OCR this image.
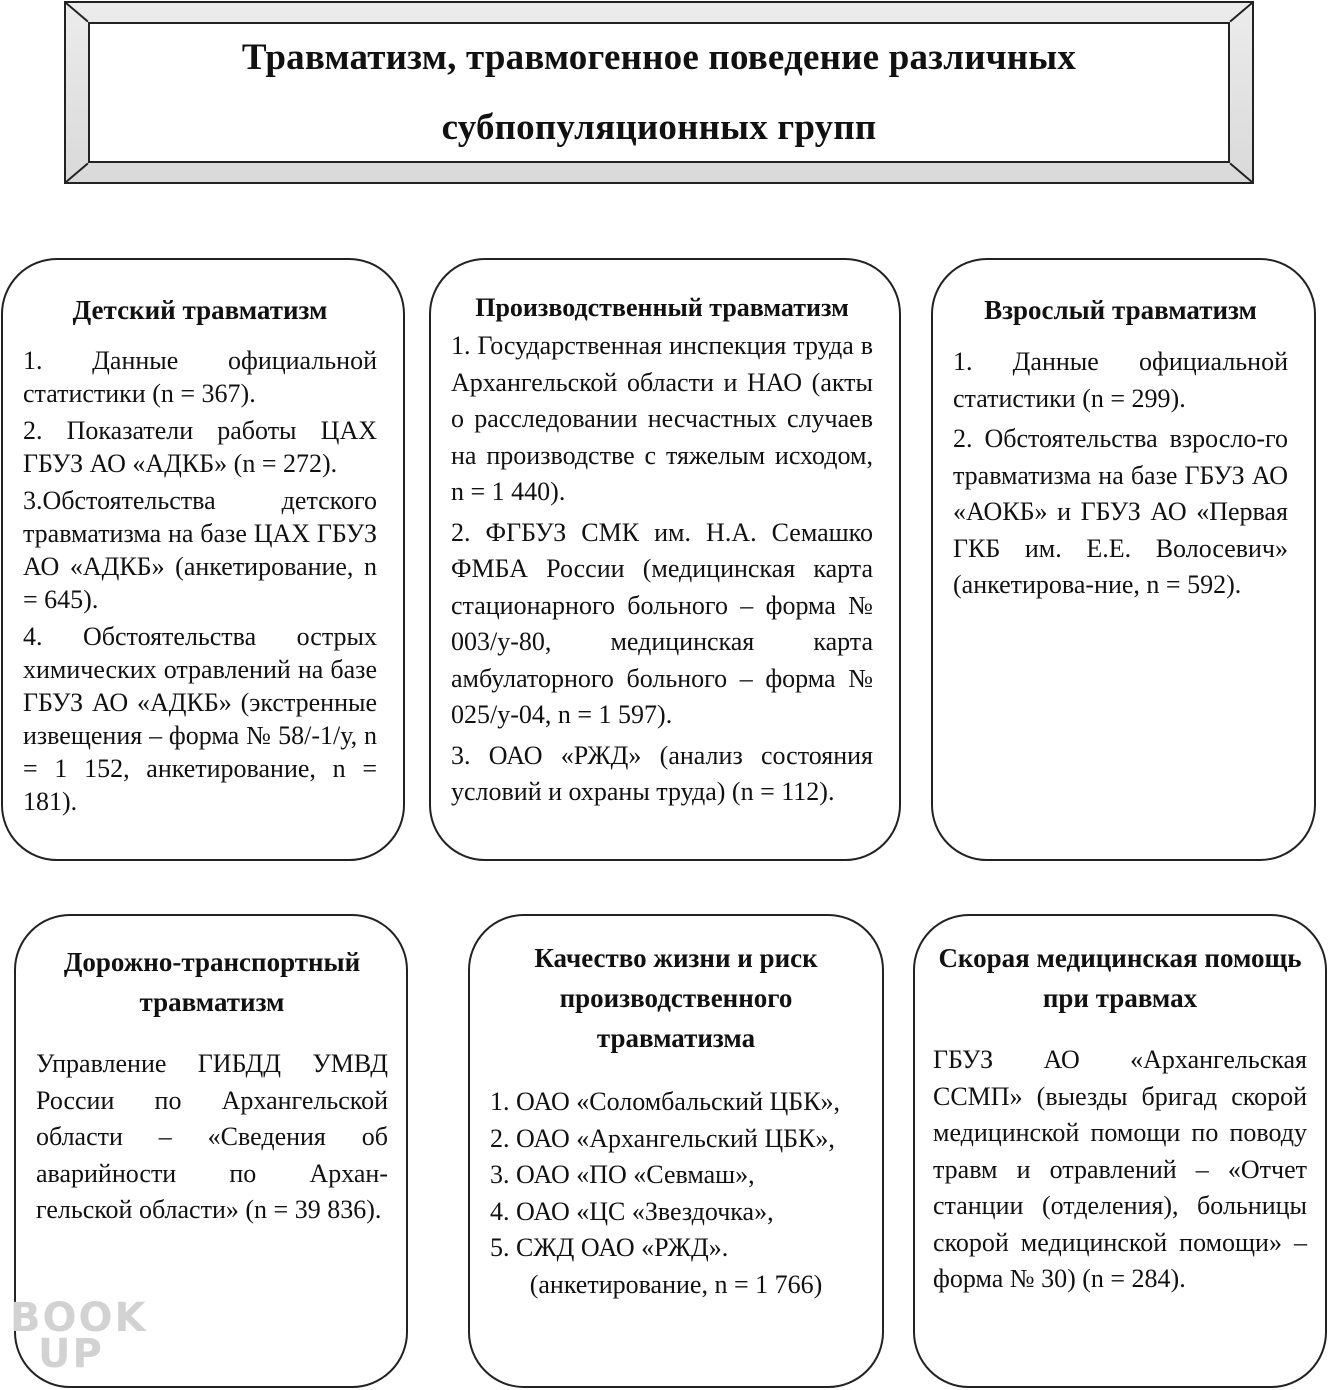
Травматизм, травмогенное поведение различных
субпопуляционных групп
Детский травматизм
1. Данные официальной статистики (n = 367).
2. Показатели работы ЦАХ ГБУЗ АО «АДКБ» (n = 272).
3.Обстоятельства детского травматизма на базе ЦАХ ГБУЗ АО «АДКБ» (анкетирование, n = 645).
4. Обстоятельства острых химических отравлений на базе ГБУЗ АО «АДКБ» (экстренные извещения – форма № 58/-1/у, n = 1 152, анкетирование, n = 181).
Производственный травматизм
1. Государственная инспекция труда в Архангельской области и НАО (акты о расследовании несчастных случаев на производстве с тяжелым исходом, n = 1 440).
2. ФГБУЗ СМК им. Н.А. Семашко ФМБА России (медицинская карта стационарного больного – форма № 003/у-80, медицинская карта амбулаторного больного – форма № 025/у-04, n = 1 597).
3. ОАО «РЖД» (анализ состояния условий и охраны труда) (n = 112).
Взрослый травматизм
1. Данные официальной статистики (n = 299).
2. Обстоятельства взросло-го травматизма на базе ГБУЗ АО «АОКБ» и ГБУЗ АО «Первая ГКБ им. Е.Е. Волосевич» (анкетирова-ние, n = 592).
Дорожно-транспортный травматизм
Управление ГИБДД УМВД России по Архангельской области – «Сведения об аварийности по Архан-гельской области» (n = 39 836).
Качество жизни и риск производственного травматизма
1. ОАО «Соломбальский ЦБК»,
2. ОАО «Архангельский ЦБК»,
3. ОАО «ПО «Севмаш»,
4. ОАО «ЦС «Звездочка»,
5. СЖД ОАО «РЖД».
(анкетирование, n = 1 766)
Скорая медицинская помощь при травмах
ГБУЗ АО «Архангельская ССМП» (выезды бригад скорой медицинской помощи по поводу травм и отравлений – «Отчет станции (отделения), больницы скорой медицинской помощи» – форма № 30) (n = 284).
BOOK
UP
